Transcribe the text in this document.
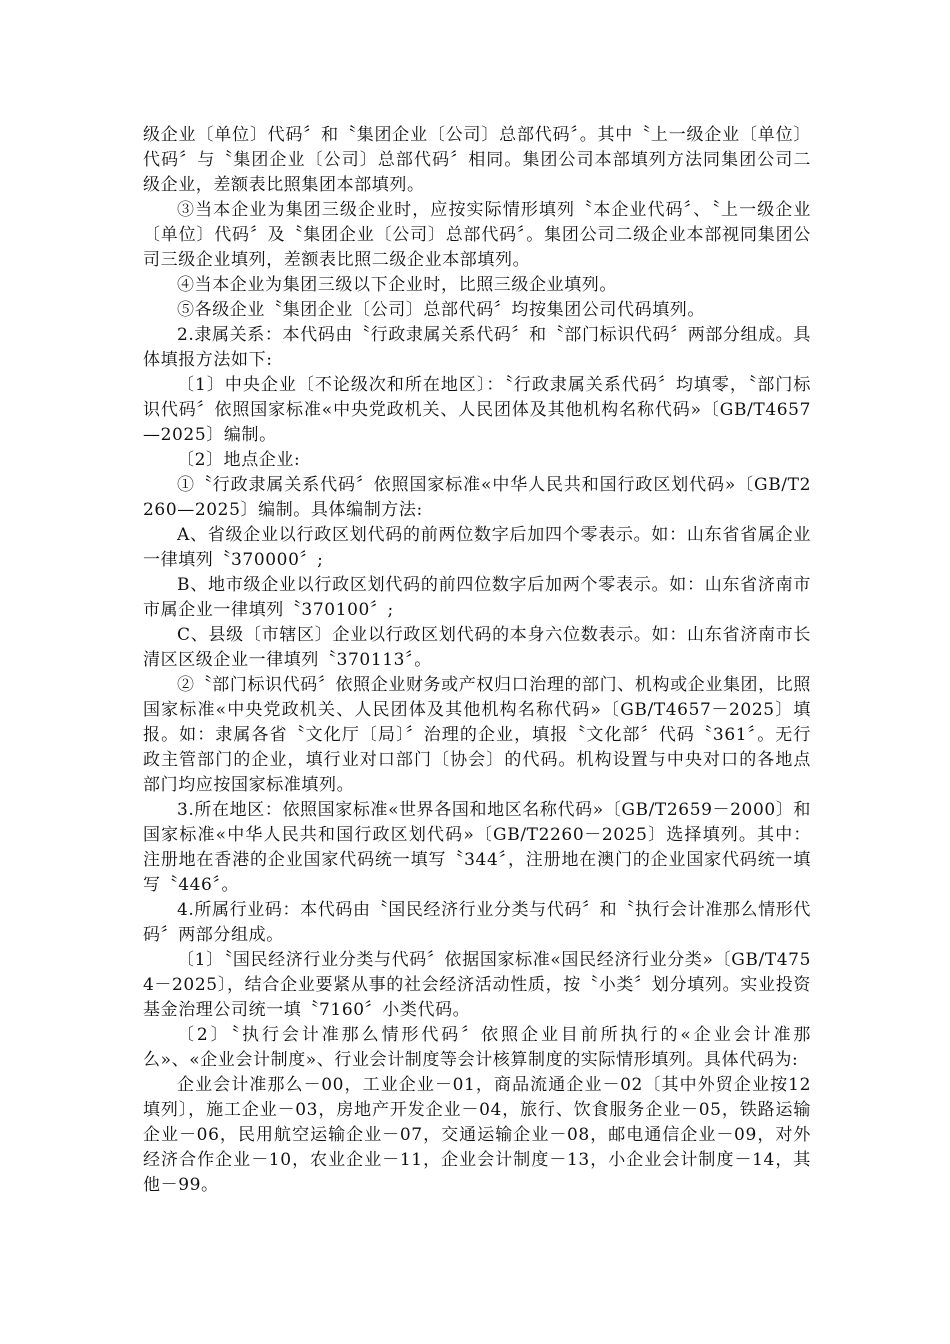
级企业〔单位〕代码〞和〝集团企业〔公司〕总部代码〞。其中〝上一级企业〔单位〕代码〞与〝集团企业〔公司〕总部代码〞相同。集团公司本部填列方法同集团公司二级企业，差额表比照集团本部填列。

③当本企业为集团三级企业时，应按实际情形填列〝本企业代码〞、〝上一级企业〔单位〕代码〞及〝集团企业〔公司〕总部代码〞。集团公司二级企业本部视同集团公司三级企业填列，差额表比照二级企业本部填列。

④当本企业为集团三级以下企业时，比照三级企业填列。

⑤各级企业〝集团企业〔公司〕总部代码〞均按集团公司代码填列。

2.隶属关系：本代码由〝行政隶属关系代码〞和〝部门标识代码〞两部分组成。具体填报方法如下:

〔1〕中央企业〔不论级次和所在地区〕：〝行政隶属关系代码〞均填零，〝部门标识代码〞依照国家标准«中央党政机关、人民团体及其他机构名称代码»〔GB/T4657—2025〕编制。

〔2〕地点企业:

①〝行政隶属关系代码〞依照国家标准«中华人民共和国行政区划代码»〔GB/T2260—2025〕编制。具体编制方法:

A、省级企业以行政区划代码的前两位数字后加四个零表示。如：山东省省属企业一律填列〝370000〞;

B、地市级企业以行政区划代码的前四位数字后加两个零表示。如：山东省济南市市属企业一律填列〝370100〞;

C、县级〔市辖区〕企业以行政区划代码的本身六位数表示。如：山东省济南市长清区区级企业一律填列〝370113〞。

②〝部门标识代码〞依照企业财务或产权归口治理的部门、机构或企业集团，比照国家标准«中央党政机关、人民团体及其他机构名称代码»〔GB/T4657－2025〕填报。如：隶属各省〝文化厅〔局〕〞治理的企业，填报〝文化部〞代码〝361〞。无行政主管部门的企业，填行业对口部门〔协会〕的代码。机构设置与中央对口的各地点部门均应按国家标准填列。

3.所在地区：依照国家标准«世界各国和地区名称代码»〔GB/T2659－2000〕和国家标准«中华人民共和国行政区划代码»〔GB/T2260－2025〕选择填列。其中：注册地在香港的企业国家代码统一填写〝344〞，注册地在澳门的企业国家代码统一填写〝446〞。

4.所属行业码：本代码由〝国民经济行业分类与代码〞和〝执行会计准那么情形代码〞两部分组成。

〔1〕〝国民经济行业分类与代码〞依据国家标准«国民经济行业分类»〔GB/T4754－2025〕，结合企业要紧从事的社会经济活动性质，按〝小类〞划分填列。实业投资基金治理公司统一填〝7160〞小类代码。

〔2〕〝执行会计准那么情形代码〞依照企业目前所执行的«企业会计准那么»、«企业会计制度»、行业会计制度等会计核算制度的实际情形填列。具体代码为:

企业会计准那么－00，工业企业－01，商品流通企业－02〔其中外贸企业按12填列〕，施工企业－03，房地产开发企业－04，旅行、饮食服务企业－05，铁路运输企业－06，民用航空运输企业－07，交通运输企业－08，邮电通信企业－09，对外经济合作企业－10，农业企业－11，企业会计制度－13，小企业会计制度－14，其他－99。
